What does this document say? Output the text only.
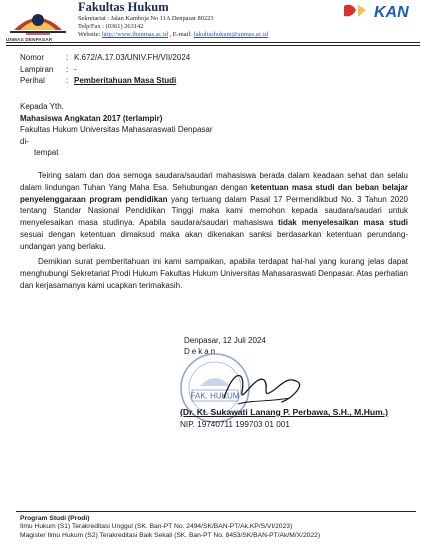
UNMAS DENPASAR
Fakultas Hukum
Sekretariat : Jalan Kamboja No 11A Denpasar 80223
Telp/Fax : (0361) 263142
Website: http://www.fhunmas.ac.id , E-mail: fakultashukum@unmas.ac.id
KAN
Nomor	: K.672/A.17.03/UNIV.FH/VII/2024
Lampiran	: -
Perihal	: Pemberitahuan Masa Studi
Kepada Yth.
Mahasiswa Angkatan 2017 (terlampir)
Fakultas Hukum Universitas Mahasaraswati Denpasar
di-
tempat
Teiring salam dan doa semoga saudara/saudari mahasiswa berada dalam keadaan sehat dan selalu dalam lindungan Tuhan Yang Maha Esa. Sehubungan dengan ketentuan masa studi dan beban belajar penyelenggaraan program pendidikan yang tertuang dalam Pasal 17 Permendikbud No. 3 Tahun 2020 tentang Standar Nasional Pendidikan Tinggi maka kami memohon kepada saudara/saudari untuk menyelesaikan masa studinya. Apabila saudara/saudari mahasiswa tidak menyelesaikan masa studi sesuai dengan ketentuan dimaksud maka akan dikenakan sanksi berdasarkan ketentuan perundang-undangan yang berlaku.
Demikian surat pemberitahuan ini kami sampaikan, apabila terdapat hal-hal yang kurang jelas dapat menghubungi Sekretariat Prodi Hukum Fakultas Hukum Universitas Mahasaraswati Denpasar. Atas perhatian dan kerjasamanya kami ucapkan terimakasih.
Denpasar, 12 Juli 2024
Dekan
FAK. HUKUM
(Dr. Kt. Sukawati Lanang P. Perbawa, S.H., M.Hum.)
NIP. 19740711 199703 01 001
Program Studi (Prodi)
Ilmu Hukum (S1) Terakreditasi Unggul (SK. Ban-PT No. 2494/SK/BAN-PT/Ak.KP/S/VI/2023)
Magister Ilmu Hukum (S2) Terakreditasi Baik Sekali (SK. Ban-PT No. 8453/SK/BAN-PT/Ak/M/X/2022)
